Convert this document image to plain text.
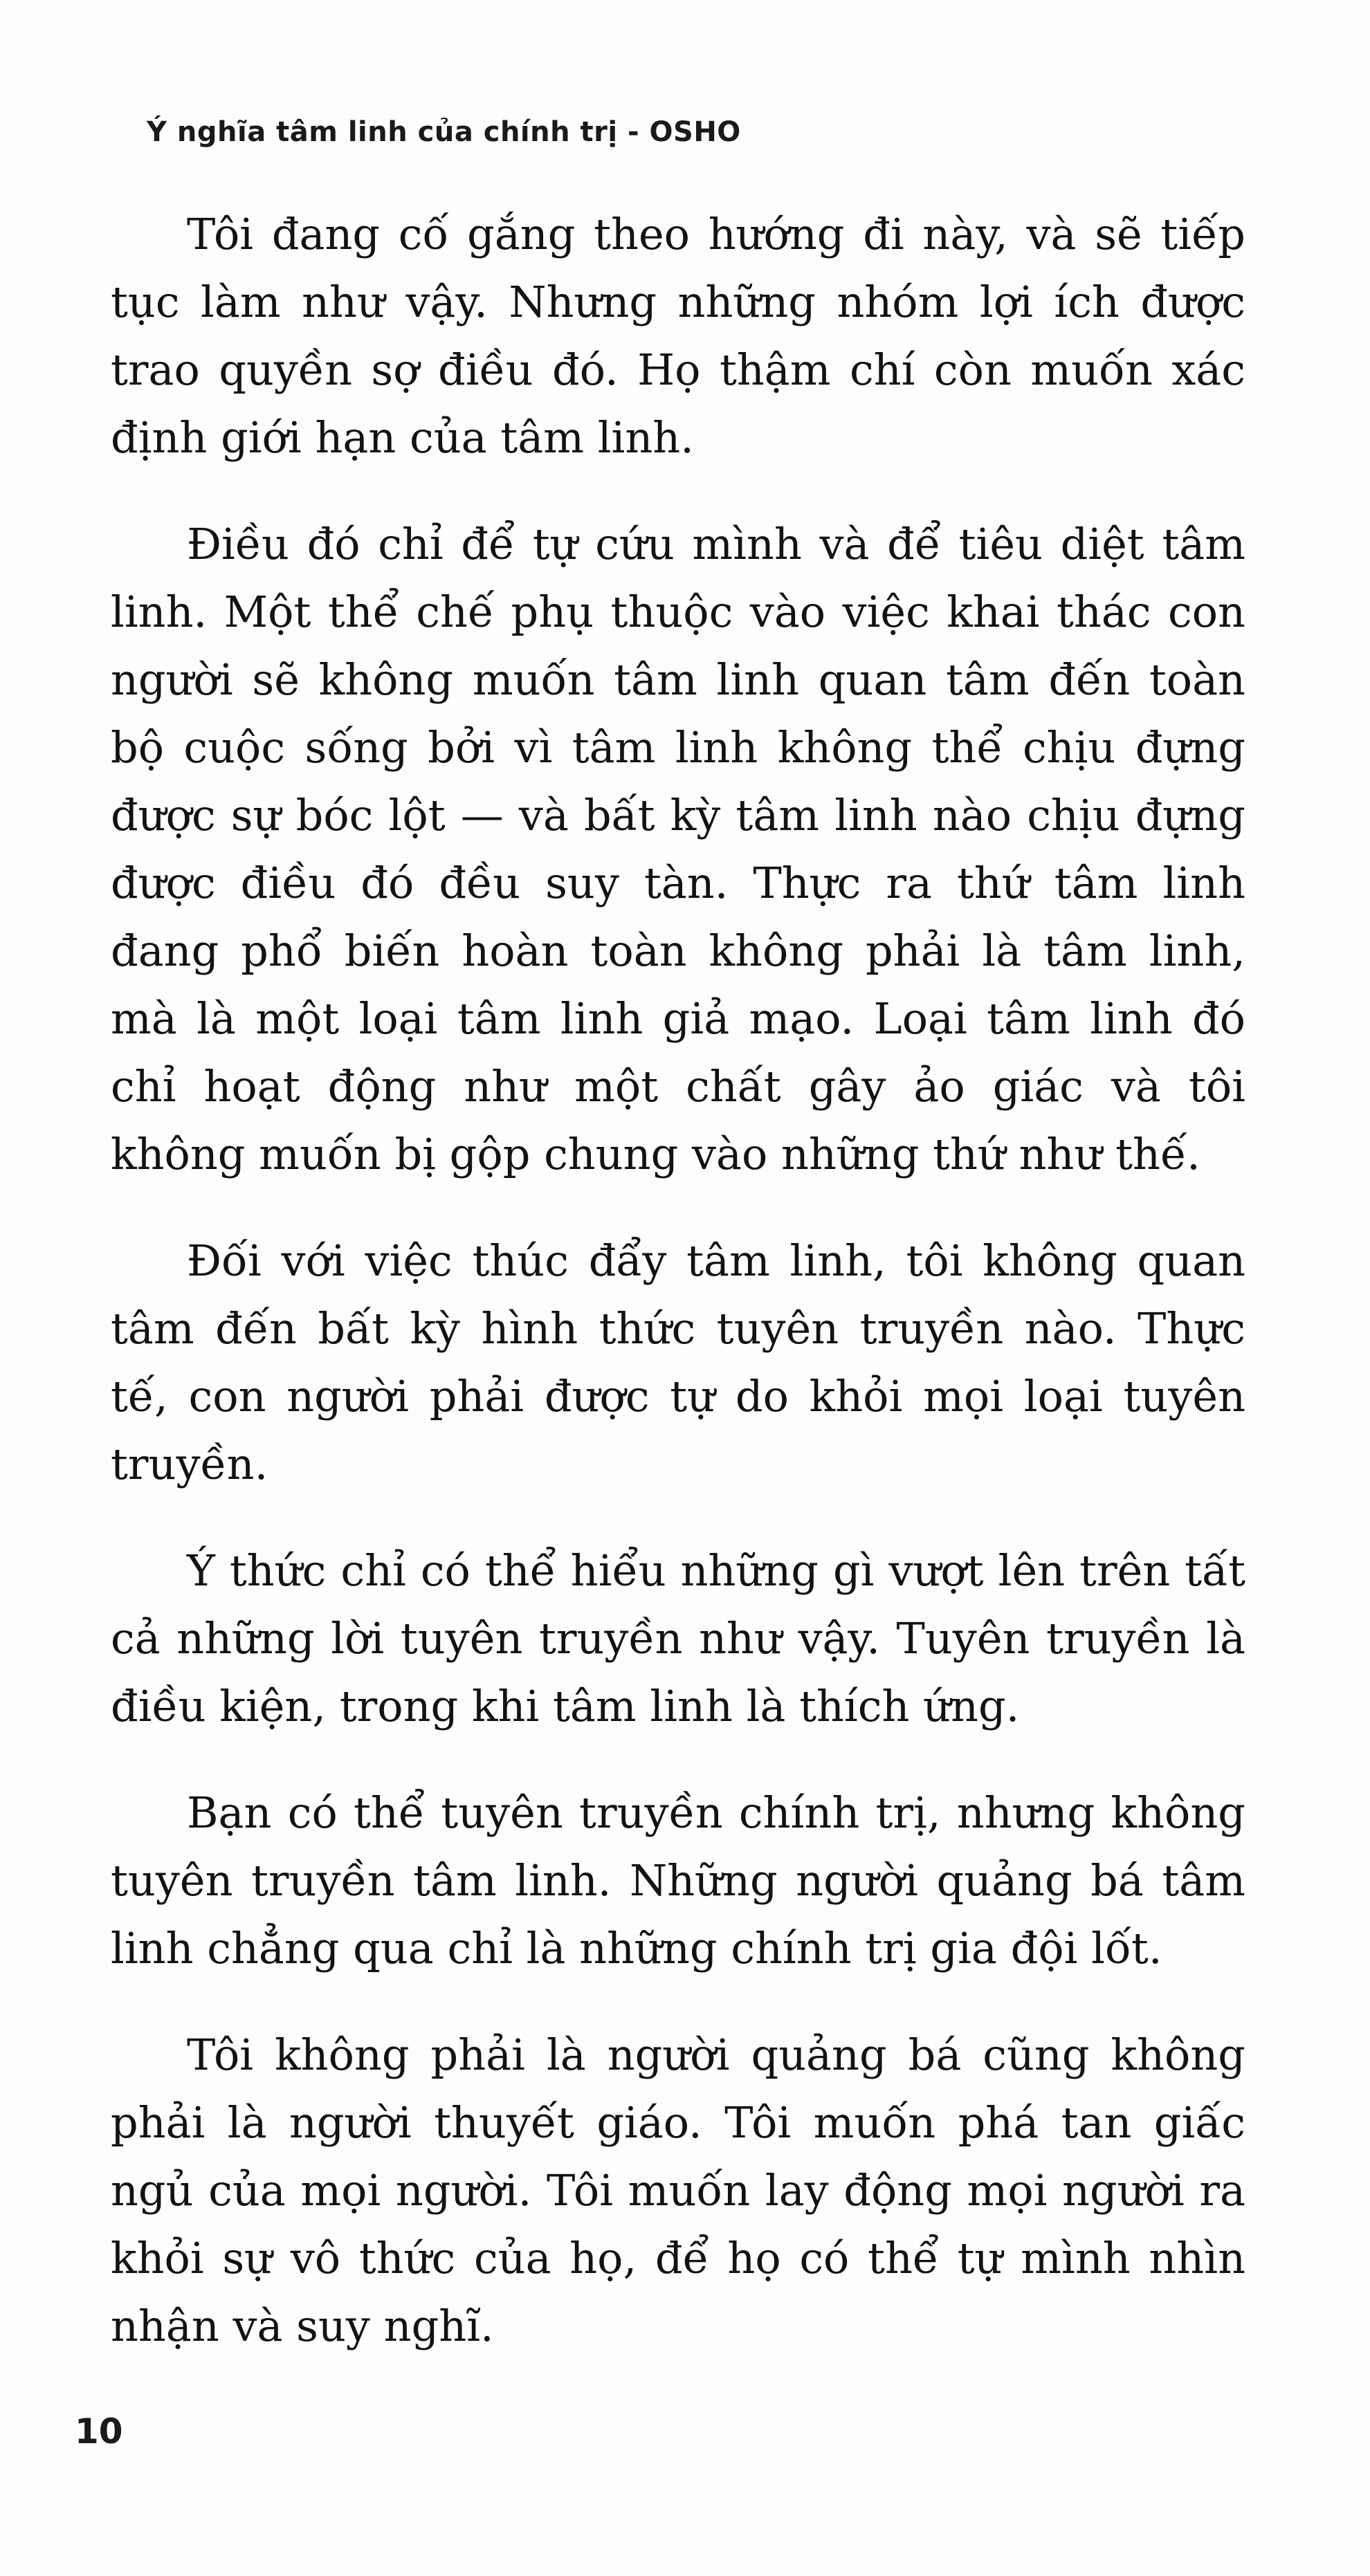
Ý nghĩa tâm linh của chính trị - OSHO

Tôi đang cố gắng theo hướng đi này, và sẽ tiếp tục làm như vậy. Nhưng những nhóm lợi ích được trao quyền sợ điều đó. Họ thậm chí còn muốn xác định giới hạn của tâm linh.

Điều đó chỉ để tự cứu mình và để tiêu diệt tâm linh. Một thể chế phụ thuộc vào việc khai thác con người sẽ không muốn tâm linh quan tâm đến toàn bộ cuộc sống bởi vì tâm linh không thể chịu đựng được sự bóc lột — và bất kỳ tâm linh nào chịu đựng được điều đó đều suy tàn. Thực ra thứ tâm linh đang phổ biến hoàn toàn không phải là tâm linh, mà là một loại tâm linh giả mạo. Loại tâm linh đó chỉ hoạt động như một chất gây ảo giác và tôi không muốn bị gộp chung vào những thứ như thế.

Đối với việc thúc đẩy tâm linh, tôi không quan tâm đến bất kỳ hình thức tuyên truyền nào. Thực tế, con người phải được tự do khỏi mọi loại tuyên truyền.

Ý thức chỉ có thể hiểu những gì vượt lên trên tất cả những lời tuyên truyền như vậy. Tuyên truyền là điều kiện, trong khi tâm linh là thích ứng.

Bạn có thể tuyên truyền chính trị, nhưng không tuyên truyền tâm linh. Những người quảng bá tâm linh chẳng qua chỉ là những chính trị gia đội lốt.

Tôi không phải là người quảng bá cũng không phải là người thuyết giáo. Tôi muốn phá tan giấc ngủ của mọi người. Tôi muốn lay động mọi người ra khỏi sự vô thức của họ, để họ có thể tự mình nhìn nhận và suy nghĩ.

10
